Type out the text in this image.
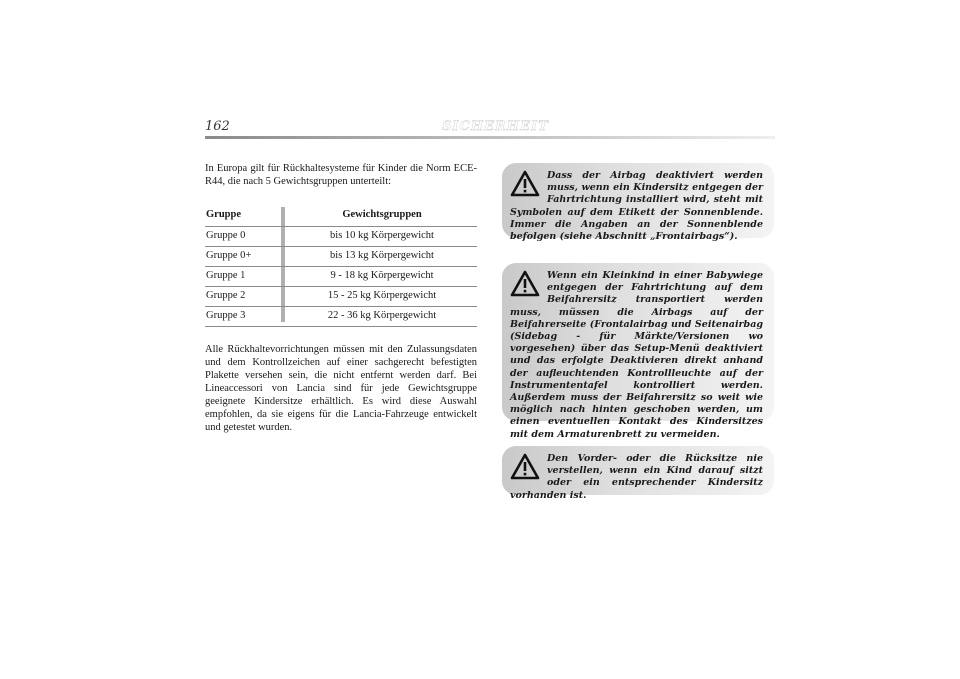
162	SICHERHEIT

In Europa gilt für Rückhaltesysteme für Kinder die Norm ECE-R44, die nach 5 Gewichtsgruppen unterteilt:

Gruppe	Gewichtsgruppen
Gruppe 0	bis 10 kg Körpergewicht
Gruppe 0+	bis 13 kg Körpergewicht
Gruppe 1	9 - 18 kg Körpergewicht
Gruppe 2	15 - 25 kg Körpergewicht
Gruppe 3	22 - 36 kg Körpergewicht

Alle Rückhaltevorrichtungen müssen mit den Zulassungsdaten und dem Kontrollzeichen auf einer sachgerecht befestigten Plakette versehen sein, die nicht entfernt werden darf. Bei Lineaccessori von Lancia sind für jede Gewichtsgruppe geeignete Kindersitze erhältlich. Es wird diese Auswahl empfohlen, da sie eigens für die Lancia-Fahrzeuge entwickelt und getestet wurden.

Dass der Airbag deaktiviert werden muss, wenn ein Kindersitz entgegen der Fahrtrichtung installiert wird, steht mit Symbolen auf dem Etikett der Sonnenblende. Immer die Angaben an der Sonnenblende befolgen (siehe Abschnitt „Frontairbags“).
Wenn ein Kleinkind in einer Babywiege entgegen der Fahrtrichtung auf dem Beifahrersitz transportiert werden muss, müssen die Airbags auf der Beifahrerseite (Frontalairbag und Seitenairbag (Sidebag - für Märkte/Versionen wo vorgesehen) über das Setup-Menü deaktiviert und das erfolgte Deaktivieren direkt anhand der aufleuchtenden Kontrollleuchte auf der Instrumententafel kontrolliert werden. Außerdem muss der Beifahrersitz so weit wie möglich nach hinten geschoben werden, um einen eventuellen Kontakt des Kindersitzes mit dem Armaturenbrett zu vermeiden.
Den Vorder- oder die Rücksitze nie verstellen, wenn ein Kind darauf sitzt oder ein entsprechender Kindersitz vorhanden ist.
